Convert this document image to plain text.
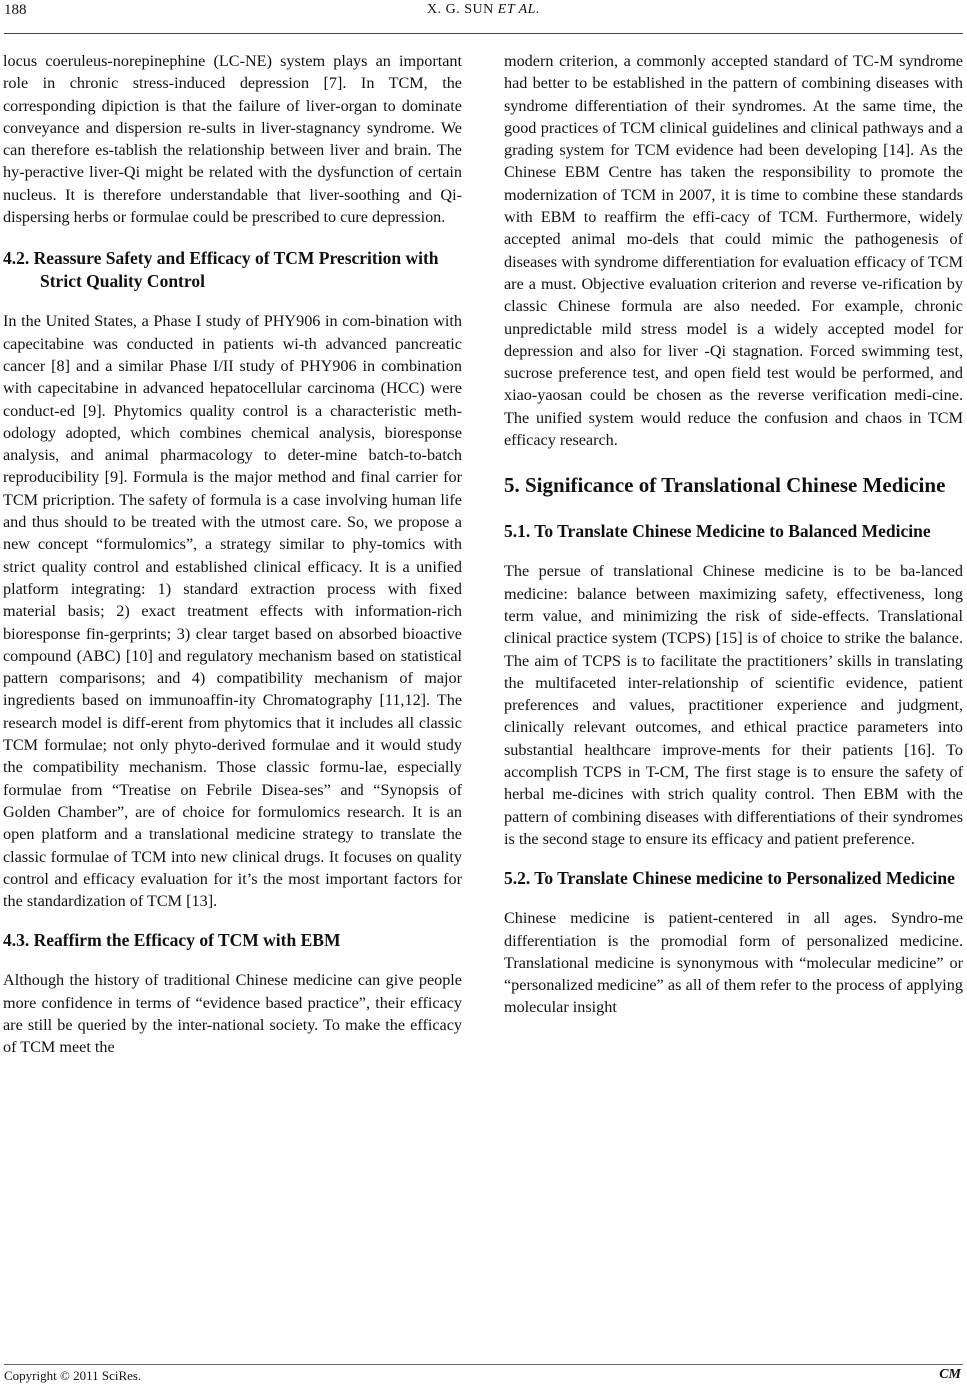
188	X. G. SUN ET AL.

locus coeruleus-norepinephine (LC-NE) system plays an important role in chronic stress-induced depression [7]. In TCM, the corresponding dipiction is that the failure of liver-organ to dominate conveyance and dispersion re-sults in liver-stagnancy syndrome. We can therefore es-tablish the relationship between liver and brain. The hy-peractive liver-Qi might be related with the dysfunction of certain nucleus. It is therefore understandable that liver-soothing and Qi-dispersing herbs or formulae could be prescribed to cure depression.

4.2. Reassure Safety and Efficacy of TCM Prescrition with Strict Quality Control

In the United States, a Phase I study of PHY906 in com-bination with capecitabine was conducted in patients wi-th advanced pancreatic cancer [8] and a similar Phase I/II study of PHY906 in combination with capecitabine in advanced hepatocellular carcinoma (HCC) were conduct-ed [9]. Phytomics quality control is a characteristic meth-odology adopted, which combines chemical analysis, bioresponse analysis, and animal pharmacology to deter-mine batch-to-batch reproducibility [9]. Formula is the major method and final carrier for TCM pricription. The safety of formula is a case involving human life and thus should to be treated with the utmost care. So, we propose a new concept “formulomics”, a strategy similar to phy-tomics with strict quality control and established clinical efficacy. It is a unified platform integrating: 1) standard extraction process with fixed material basis; 2) exact treatment effects with information-rich bioresponse fin-gerprints; 3) clear target based on absorbed bioactive compound (ABC) [10] and regulatory mechanism based on statistical pattern comparisons; and 4) compatibility mechanism of major ingredients based on immunoaffin-ity Chromatography [11,12]. The research model is diff-erent from phytomics that it includes all classic TCM formulae; not only phyto-derived formulae and it would study the compatibility mechanism. Those classic formu-lae, especially formulae from “Treatise on Febrile Disea-ses” and “Synopsis of Golden Chamber”, are of choice for formulomics research. It is an open platform and a translational medicine strategy to translate the classic formulae of TCM into new clinical drugs. It focuses on quality control and efficacy evaluation for it’s the most important factors for the standardization of TCM [13].

4.3. Reaffirm the Efficacy of TCM with EBM

Although the history of traditional Chinese medicine can give people more confidence in terms of “evidence based practice”, their efficacy are still be queried by the inter-national society. To make the efficacy of TCM meet the

modern criterion, a commonly accepted standard of TC-M syndrome had better to be established in the pattern of combining diseases with syndrome differentiation of their syndromes. At the same time, the good practices of TCM clinical guidelines and clinical pathways and a grading system for TCM evidence had been developing [14]. As the Chinese EBM Centre has taken the responsibility to promote the modernization of TCM in 2007, it is time to combine these standards with EBM to reaffirm the effi-cacy of TCM. Furthermore, widely accepted animal mo-dels that could mimic the pathogenesis of diseases with syndrome differentiation for evaluation efficacy of TCM are a must. Objective evaluation criterion and reverse ve-rification by classic Chinese formula are also needed. For example, chronic unpredictable mild stress model is a widely accepted model for depression and also for liver -Qi stagnation. Forced swimming test, sucrose preference test, and open field test would be performed, and xiao-yaosan could be chosen as the reverse verification medi-cine. The unified system would reduce the confusion and chaos in TCM efficacy research.

5. Significance of Translational Chinese Medicine
5.1. To Translate Chinese Medicine to Balanced Medicine

The persue of translational Chinese medicine is to be ba-lanced medicine: balance between maximizing safety, effectiveness, long term value, and minimizing the risk of side-effects. Translational clinical practice system (TCPS) [15] is of choice to strike the balance. The aim of TCPS is to facilitate the practitioners’ skills in translating the multifaceted inter-relationship of scientific evidence, patient preferences and values, practitioner experience and judgment, clinically relevant outcomes, and ethical practice parameters into substantial healthcare improve-ments for their patients [16]. To accomplish TCPS in T-CM, The first stage is to ensure the safety of herbal me-dicines with strich quality control. Then EBM with the pattern of combining diseases with differentiations of their syndromes is the second stage to ensure its efficacy and patient preference.

5.2. To Translate Chinese medicine to Personalized Medicine

Chinese medicine is patient-centered in all ages. Syndro-me differentiation is the promodial form of personalized medicine. Translational medicine is synonymous with “molecular medicine” or “personalized medicine” as all of them refer to the process of applying molecular insight

Copyright © 2011 SciRes.	CM
